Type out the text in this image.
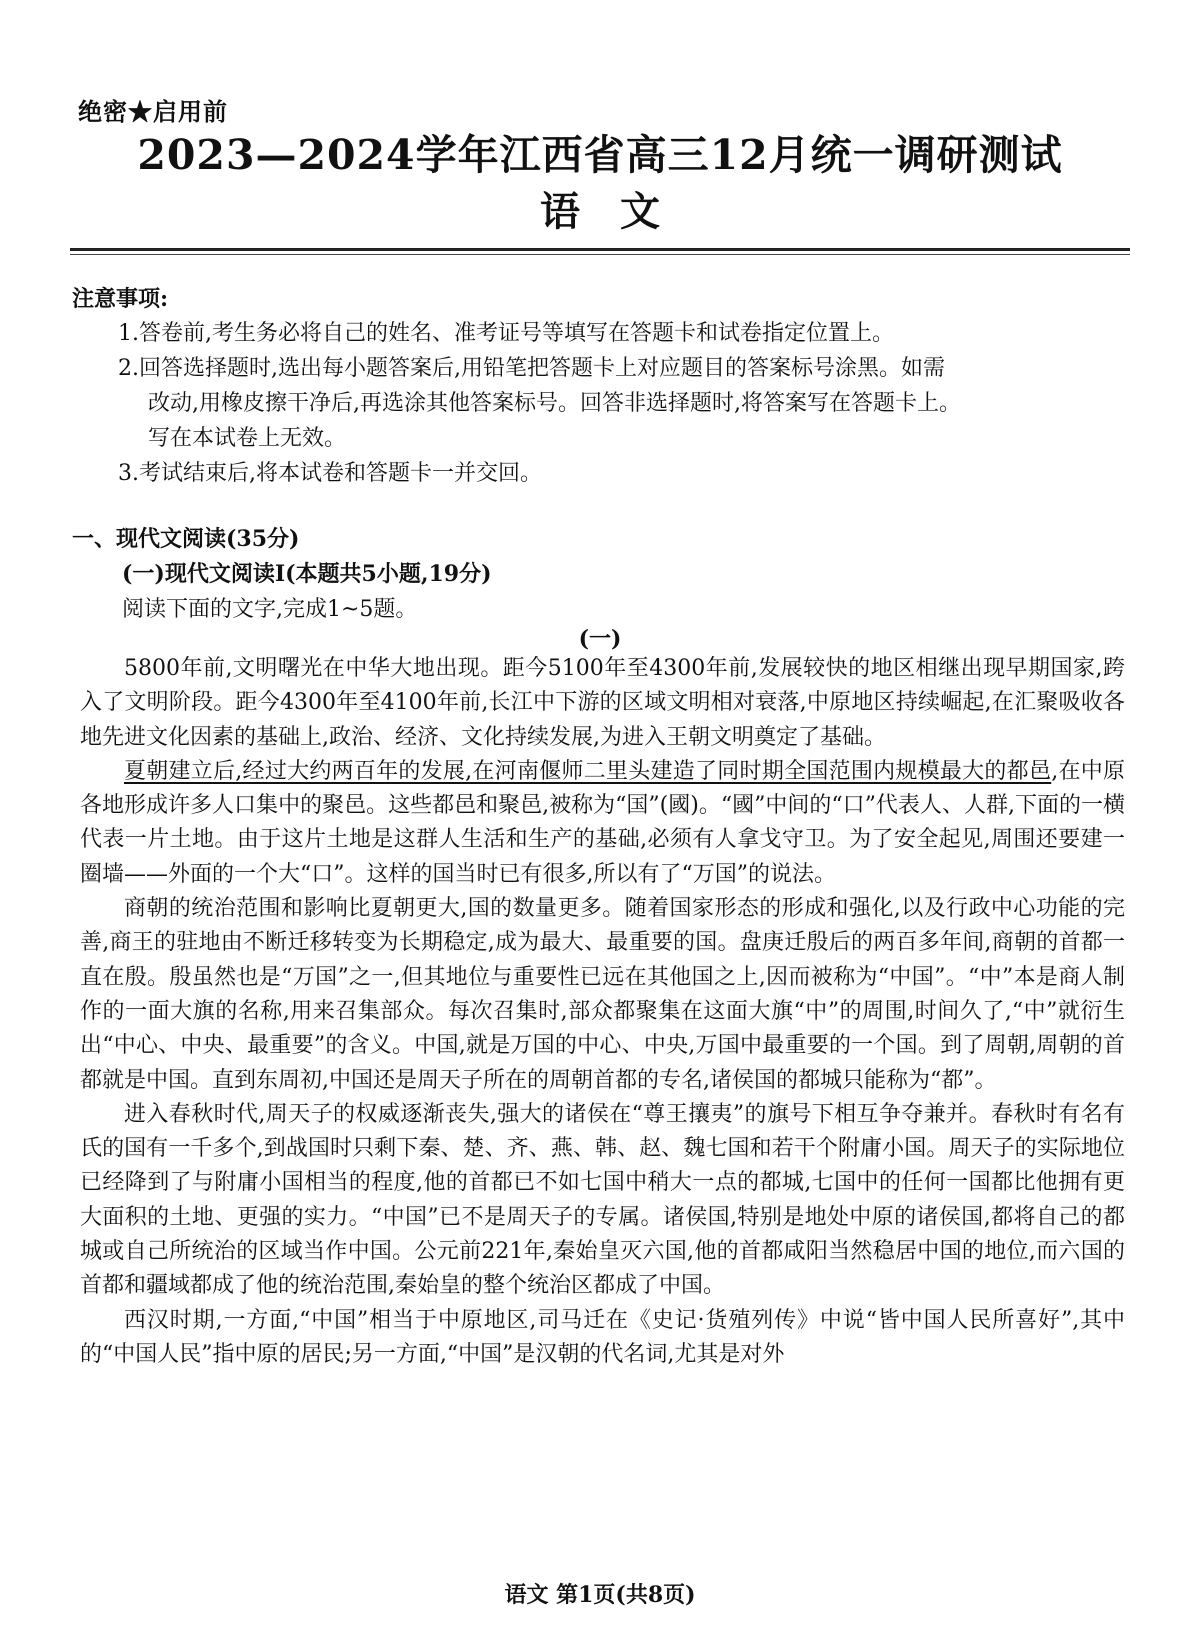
绝密★启用前
2023—2024学年江西省高三12月统一调研测试
语文
注意事项:

1.答卷前,考生务必将自己的姓名、准考证号等填写在答题卡和试卷指定位置上。

2.回答选择题时,选出每小题答案后,用铅笔把答题卡上对应题目的答案标号涂黑。如需

改动,用橡皮擦干净后,再选涂其他答案标号。回答非选择题时,将答案写在答题卡上。

写在本试卷上无效。

3.考试结束后,将本试卷和答题卡一并交回。

一、现代文阅读(35分)
(一)现代文阅读Ⅰ(本题共5小题,19分)
阅读下面的文字,完成1~5题。
(一)

5800年前,文明曙光在中华大地出现。距今5100年至4300年前,发展较快的地区相继出现早期国家,跨入了文明阶段。距今4300年至4100年前,长江中下游的区域文明相对衰落,中原地区持续崛起,在汇聚吸收各地先进文化因素的基础上,政治、经济、文化持续发展,为进入王朝文明奠定了基础。

夏朝建立后,经过大约两百年的发展,在河南偃师二里头建造了同时期全国范围内规模最大的都邑,在中原各地形成许多人口集中的聚邑。这些都邑和聚邑,被称为“国”(國)。“國”中间的“口”代表人、人群,下面的一横代表一片土地。由于这片土地是这群人生活和生产的基础,必须有人拿戈守卫。为了安全起见,周围还要建一圈墙——外面的一个大“口”。这样的国当时已有很多,所以有了“万国”的说法。

商朝的统治范围和影响比夏朝更大,国的数量更多。随着国家形态的形成和强化,以及行政中心功能的完善,商王的驻地由不断迁移转变为长期稳定,成为最大、最重要的国。盘庚迁殷后的两百多年间,商朝的首都一直在殷。殷虽然也是“万国”之一,但其地位与重要性已远在其他国之上,因而被称为“中国”。“中”本是商人制作的一面大旗的名称,用来召集部众。每次召集时,部众都聚集在这面大旗“中”的周围,时间久了,“中”就衍生出“中心、中央、最重要”的含义。中国,就是万国的中心、中央,万国中最重要的一个国。到了周朝,周朝的首都就是中国。直到东周初,中国还是周天子所在的周朝首都的专名,诸侯国的都城只能称为“都”。

进入春秋时代,周天子的权威逐渐丧失,强大的诸侯在“尊王攘夷”的旗号下相互争夺兼并。春秋时有名有氏的国有一千多个,到战国时只剩下秦、楚、齐、燕、韩、赵、魏七国和若干个附庸小国。周天子的实际地位已经降到了与附庸小国相当的程度,他的首都已不如七国中稍大一点的都城,七国中的任何一国都比他拥有更大面积的土地、更强的实力。“中国”已不是周天子的专属。诸侯国,特别是地处中原的诸侯国,都将自己的都城或自己所统治的区域当作中国。公元前221年,秦始皇灭六国,他的首都咸阳当然稳居中国的地位,而六国的首都和疆域都成了他的统治范围,秦始皇的整个统治区都成了中国。

西汉时期,一方面,“中国”相当于中原地区,司马迁在《史记·货殖列传》中说“皆中国人民所喜好”,其中的“中国人民”指中原的居民;另一方面,“中国”是汉朝的代名词,尤其是对外

语文 第1页(共8页)
